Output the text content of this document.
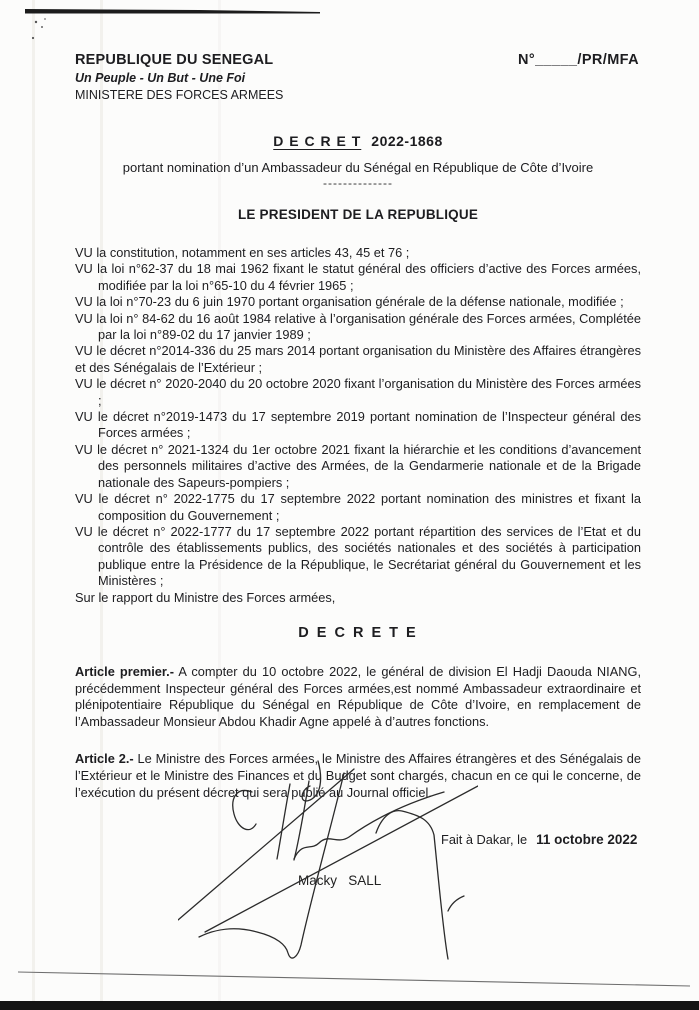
REPUBLIQUE DU SENEGAL
Un Peuple - Un But - Une Foi
MINISTERE DES FORCES ARMEES
N°_____/PR/MFA
D E C R E T 2022-1868
portant nomination d’un Ambassadeur du Sénégal en République de Côte d’Ivoire
--------------
LE PRESIDENT DE LA REPUBLIQUE

VU la constitution, notamment en ses articles 43, 45 et 76 ;

VU la loi n°62-37 du 18 mai 1962 fixant le statut général des officiers d’active des Forces armées, modifiée par la loi n°65-10 du 4 février 1965 ;

VU la loi n°70-23 du 6 juin 1970 portant organisation générale de la défense nationale, modifiée ;

VU la loi n° 84-62 du 16 août 1984 relative à l’organisation générale des Forces armées, Complétée par la loi n°89-02 du 17 janvier 1989 ;

VU le décret n°2014-336 du 25 mars 2014 portant organisation du Ministère des Affaires étrangères et des Sénégalais de l’Extérieur ;

VU le décret n° 2020-2040 du 20 octobre 2020 fixant l’organisation du Ministère des Forces armées ;

VU le décret n°2019-1473 du 17 septembre 2019 portant nomination de l’Inspecteur général des Forces armées ;

VU le décret n° 2021-1324 du 1er octobre 2021 fixant la hiérarchie et les conditions d’avancement des personnels militaires d’active des Armées, de la Gendarmerie nationale et de la Brigade nationale des Sapeurs-pompiers ;

VU le décret n° 2022-1775 du 17 septembre 2022 portant nomination des ministres et fixant la composition du Gouvernement ;

VU le décret n° 2022-1777 du 17 septembre 2022 portant répartition des services de l’Etat et du contrôle des établissements publics, des sociétés nationales et des sociétés à participation publique entre la Présidence de la République, le Secrétariat général du Gouvernement et les Ministères ;

Sur le rapport du Ministre des Forces armées,

D E C R E T E

Article premier.- A compter du 10 octobre 2022, le général de division El Hadji Daouda NIANG, précédemment Inspecteur général des Forces armées,est nommé Ambassadeur extraordinaire et plénipotentiaire République du Sénégal en République de Côte d’Ivoire, en remplacement de l’Ambassadeur Monsieur Abdou Khadir Agne appelé à d’autres fonctions.

Article 2.- Le Ministre des Forces armées, le Ministre des Affaires étrangères et des Sénégalais de l’Extérieur et le Ministre des Finances et du Budget sont chargés, chacun en ce qui le concerne, de l’exécution du présent décret qui sera publié au Journal officiel.

Fait à Dakar, le 11 octobre 2022
Macky   SALL
